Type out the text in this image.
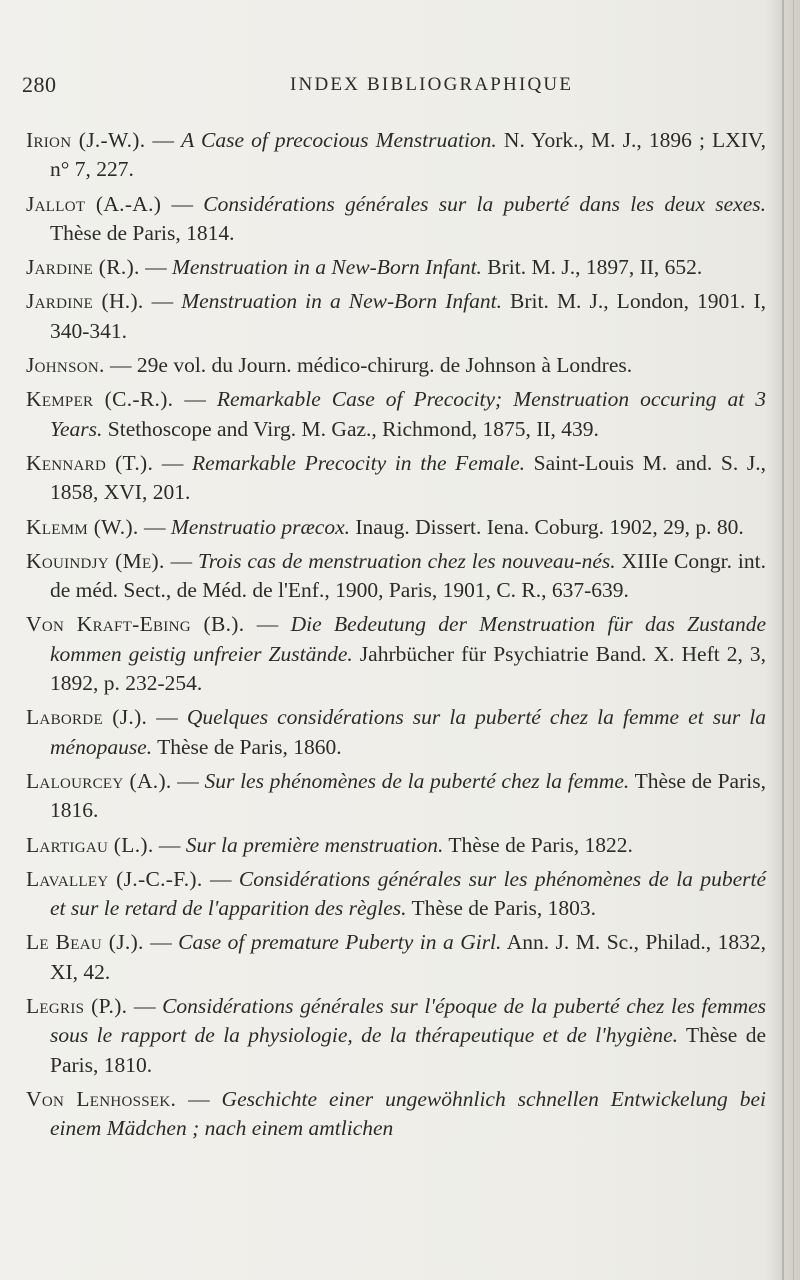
280	INDEX BIBLIOGRAPHIQUE

Irion (J.-W.). — A Case of precocious Menstruation. N. York., M. J., 1896 ; LXIV, n° 7, 227.

Jallot (A.-A.) — Considérations générales sur la puberté dans les deux sexes. Thèse de Paris, 1814.

Jardine (R.). — Menstruation in a New-Born Infant. Brit. M. J., 1897, II, 652.

Jardine (H.). — Menstruation in a New-Born Infant. Brit. M. J., London, 1901. I, 340-341.

Johnson. — 29e vol. du Journ. médico-chirurg. de Johnson à Londres.

Kemper (C.-R.). — Remarkable Case of Precocity; Menstruation occuring at 3 Years. Stethoscope and Virg. M. Gaz., Richmond, 1875, II, 439.

Kennard (T.). — Remarkable Precocity in the Female. Saint-Louis M. and. S. J., 1858, XVI, 201.

Klemm (W.). — Menstruatio præcox. Inaug. Dissert. Iena. Coburg. 1902, 29, p. 80.

Kouindjy (Me). — Trois cas de menstruation chez les nouveau-nés. XIIIe Congr. int. de méd. Sect., de Méd. de l'Enf., 1900, Paris, 1901, C. R., 637-639.

Von Kraft-Ebing (B.). — Die Bedeutung der Menstruation für das Zustande kommen geistig unfreier Zustände. Jahrbücher für Psychiatrie Band. X. Heft 2, 3, 1892, p. 232-254.

Laborde (J.). — Quelques considérations sur la puberté chez la femme et sur la ménopause. Thèse de Paris, 1860.

Lalourcey (A.). — Sur les phénomènes de la puberté chez la femme. Thèse de Paris, 1816.

Lartigau (L.). — Sur la première menstruation. Thèse de Paris, 1822.

Lavalley (J.-C.-F.). — Considérations générales sur les phénomènes de la puberté et sur le retard de l'apparition des règles. Thèse de Paris, 1803.

Le Beau (J.). — Case of premature Puberty in a Girl. Ann. J. M. Sc., Philad., 1832, XI, 42.

Legris (P.). — Considérations générales sur l'époque de la puberté chez les femmes sous le rapport de la physiologie, de la thérapeutique et de l'hygiène. Thèse de Paris, 1810.

Von Lenhossek. — Geschichte einer ungewöhnlich schnellen Entwickelung bei einem Mädchen ; nach einem amtlichen
